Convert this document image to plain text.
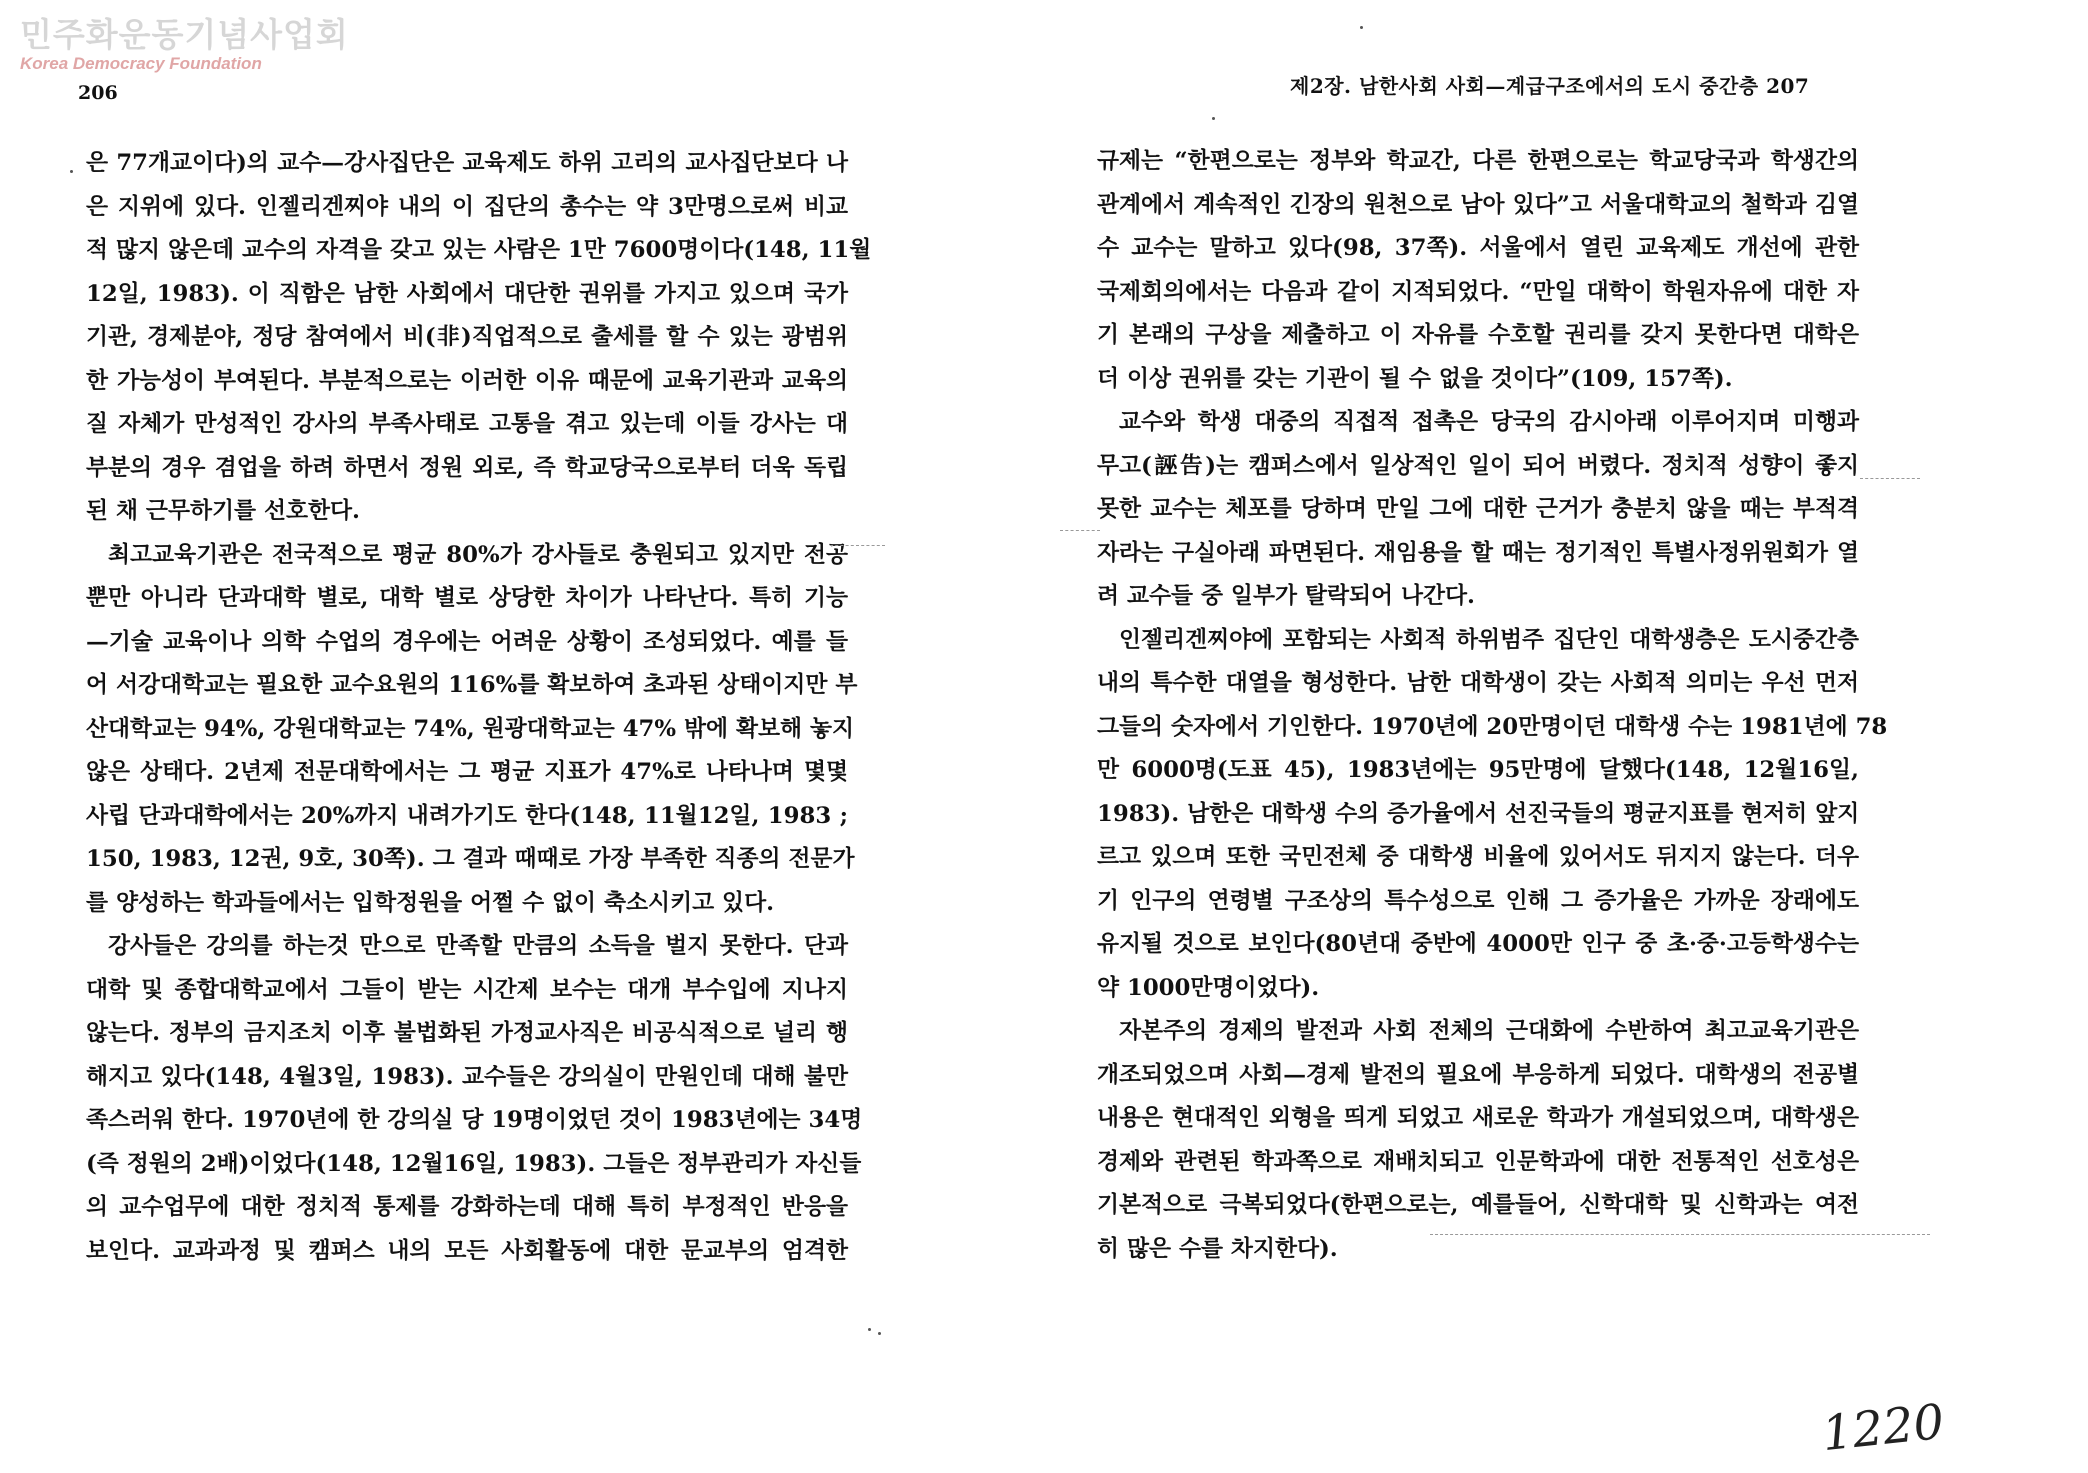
민주화운동기념사업회
Korea Democracy Foundation
206	제2장. 남한사회 사회—계급구조에서의 도시 중간층 207
은 77개교이다)의 교수—강사집단은 교육제도 하위 고리의 교사집단보다 나
은 지위에 있다. 인젤리겐찌야 내의 이 집단의 총수는 약 3만명으로써 비교
적 많지 않은데 교수의 자격을 갖고 있는 사람은 1만 7600명이다(148, 11월
12일, 1983). 이 직함은 남한 사회에서 대단한 권위를 가지고 있으며 국가
기관, 경제분야, 정당 참여에서 비(非)직업적으로 출세를 할 수 있는 광범위
한 가능성이 부여된다. 부분적으로는 이러한 이유 때문에 교육기관과 교육의
질 자체가 만성적인 강사의 부족사태로 고통을 겪고 있는데 이들 강사는 대
부분의 경우 겸업을 하려 하면서 정원 외로, 즉 학교당국으로부터 더욱 독립
된 채 근무하기를 선호한다.
최고교육기관은 전국적으로 평균 80%가 강사들로 충원되고 있지만 전공
뿐만 아니라 단과대학 별로, 대학 별로 상당한 차이가 나타난다. 특히 기능
—기술 교육이나 의학 수업의 경우에는 어려운 상황이 조성되었다. 예를 들
어 서강대학교는 필요한 교수요원의 116%를 확보하여 초과된 상태이지만 부
산대학교는 94%, 강원대학교는 74%, 원광대학교는 47% 밖에 확보해 놓지
않은 상태다. 2년제 전문대학에서는 그 평균 지표가 47%로 나타나며 몇몇
사립 단과대학에서는 20%까지 내려가기도 한다(148, 11월12일, 1983 ;
150, 1983, 12권, 9호, 30쪽). 그 결과 때때로 가장 부족한 직종의 전문가
를 양성하는 학과들에서는 입학정원을 어쩔 수 없이 축소시키고 있다.
강사들은 강의를 하는것 만으로 만족할 만큼의 소득을 벌지 못한다. 단과
대학 및 종합대학교에서 그들이 받는 시간제 보수는 대개 부수입에 지나지
않는다. 정부의 금지조치 이후 불법화된 가정교사직은 비공식적으로 널리 행
해지고 있다(148, 4월3일, 1983). 교수들은 강의실이 만원인데 대해 불만
족스러워 한다. 1970년에 한 강의실 당 19명이었던 것이 1983년에는 34명
(즉 정원의 2배)이었다(148, 12월16일, 1983). 그들은 정부관리가 자신들
의 교수업무에 대한 정치적 통제를 강화하는데 대해 특히 부정적인 반응을
보인다. 교과과정 및 캠퍼스 내의 모든 사회활동에 대한 문교부의 엄격한
규제는 “한편으로는 정부와 학교간, 다른 한편으로는 학교당국과 학생간의
관계에서 계속적인 긴장의 원천으로 남아 있다”고 서울대학교의 철학과 김열
수 교수는 말하고 있다(98, 37쪽). 서울에서 열린 교육제도 개선에 관한
국제회의에서는 다음과 같이 지적되었다. “만일 대학이 학원자유에 대한 자
기 본래의 구상을 제출하고 이 자유를 수호할 권리를 갖지 못한다면 대학은
더 이상 권위를 갖는 기관이 될 수 없을 것이다”(109, 157쪽).
교수와 학생 대중의 직접적 접촉은 당국의 감시아래 이루어지며 미행과
무고(誣告)는 캠퍼스에서 일상적인 일이 되어 버렸다. 정치적 성향이 좋지
못한 교수는 체포를 당하며 만일 그에 대한 근거가 충분치 않을 때는 부적격
자라는 구실아래 파면된다. 재임용을 할 때는 정기적인 특별사정위원회가 열
려 교수들 중 일부가 탈락되어 나간다.
인젤리겐찌야에 포함되는 사회적 하위범주 집단인 대학생층은 도시중간층
내의 특수한 대열을 형성한다. 남한 대학생이 갖는 사회적 의미는 우선 먼저
그들의 숫자에서 기인한다. 1970년에 20만명이던 대학생 수는 1981년에 78
만 6000명(도표 45), 1983년에는 95만명에 달했다(148, 12월16일,
1983). 남한은 대학생 수의 증가율에서 선진국들의 평균지표를 현저히 앞지
르고 있으며 또한 국민전체 중 대학생 비율에 있어서도 뒤지지 않는다. 더우
기 인구의 연령별 구조상의 특수성으로 인해 그 증가율은 가까운 장래에도
유지될 것으로 보인다(80년대 중반에 4000만 인구 중 초·중·고등학생수는
약 1000만명이었다).
자본주의 경제의 발전과 사회 전체의 근대화에 수반하여 최고교육기관은
개조되었으며 사회—경제 발전의 필요에 부응하게 되었다. 대학생의 전공별
내용은 현대적인 외형을 띄게 되었고 새로운 학과가 개설되었으며, 대학생은
경제와 관련된 학과쪽으로 재배치되고 인문학과에 대한 전통적인 선호성은
기본적으로 극복되었다(한편으로는, 예를들어, 신학대학 및 신학과는 여전
히 많은 수를 차지한다).
1220
